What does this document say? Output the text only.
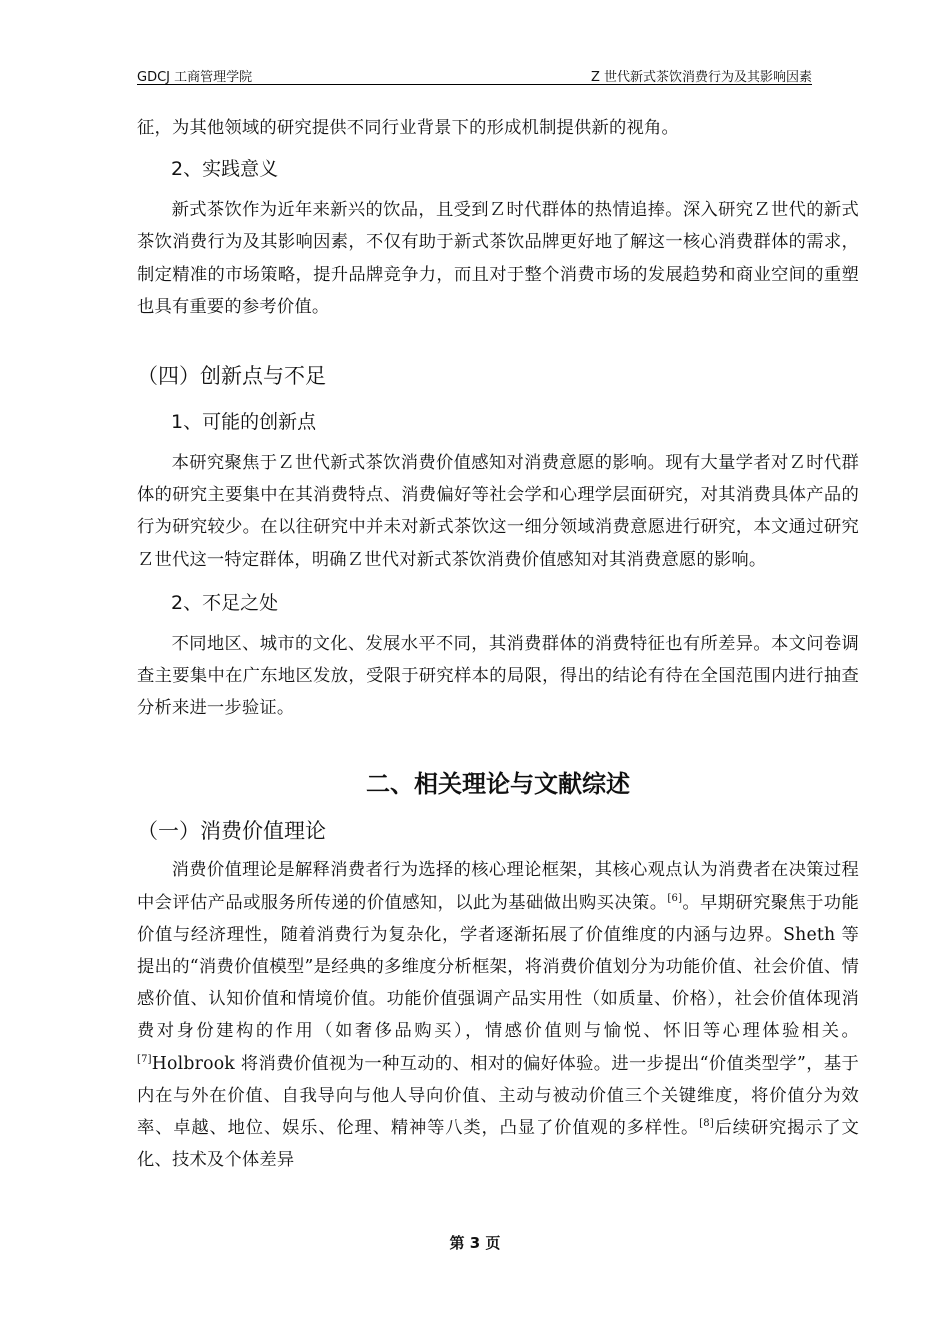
GDCJ 工商管理学院	Z 世代新式茶饮消费行为及其影响因素

征，为其他领域的研究提供不同行业背景下的形成机制提供新的视角。

2、实践意义

新式茶饮作为近年来新兴的饮品，且受到Ｚ时代群体的热情追捧。深入研究Ｚ世代的新式茶饮消费行为及其影响因素，不仅有助于新式茶饮品牌更好地了解这一核心消费群体的需求，制定精准的市场策略，提升品牌竞争力，而且对于整个消费市场的发展趋势和商业空间的重塑也具有重要的参考价值。

（四）创新点与不足
1、可能的创新点

本研究聚焦于Ｚ世代新式茶饮消费价值感知对消费意愿的影响。现有大量学者对Ｚ时代群体的研究主要集中在其消费特点、消费偏好等社会学和心理学层面研究，对其消费具体产品的行为研究较少。在以往研究中并未对新式茶饮这一细分领域消费意愿进行研究，本文通过研究Ｚ世代这一特定群体，明确Ｚ世代对新式茶饮消费价值感知对其消费意愿的影响。

2、不足之处

不同地区、城市的文化、发展水平不同，其消费群体的消费特征也有所差异。本文问卷调查主要集中在广东地区发放，受限于研究样本的局限，得出的结论有待在全国范围内进行抽查分析来进一步验证。

二、相关理论与文献综述
（一）消费价值理论

消费价值理论是解释消费者行为选择的核心理论框架，其核心观点认为消费者在决策过程中会评估产品或服务所传递的价值感知，以此为基础做出购买决策。[6]。早期研究聚焦于功能价值与经济理性，随着消费行为复杂化，学者逐渐拓展了价值维度的内涵与边界。Sheth 等提出的“消费价值模型”是经典的多维度分析框架，将消费价值划分为功能价值、社会价值、情感价值、认知价值和情境价值。功能价值强调产品实用性（如质量、价格），社会价值体现消费对身份建构的作用（如奢侈品购买），情感价值则与愉悦、怀旧等心理体验相关。[7]Holbrook 将消费价值视为一种互动的、相对的偏好体验。进一步提出“价值类型学”，基于内在与外在价值、自我导向与他人导向价值、主动与被动价值三个关键维度，将价值分为效率、卓越、地位、娱乐、伦理、精神等八类，凸显了价值观的多样性。[8]后续研究揭示了文化、技术及个体差异

第 3 页
